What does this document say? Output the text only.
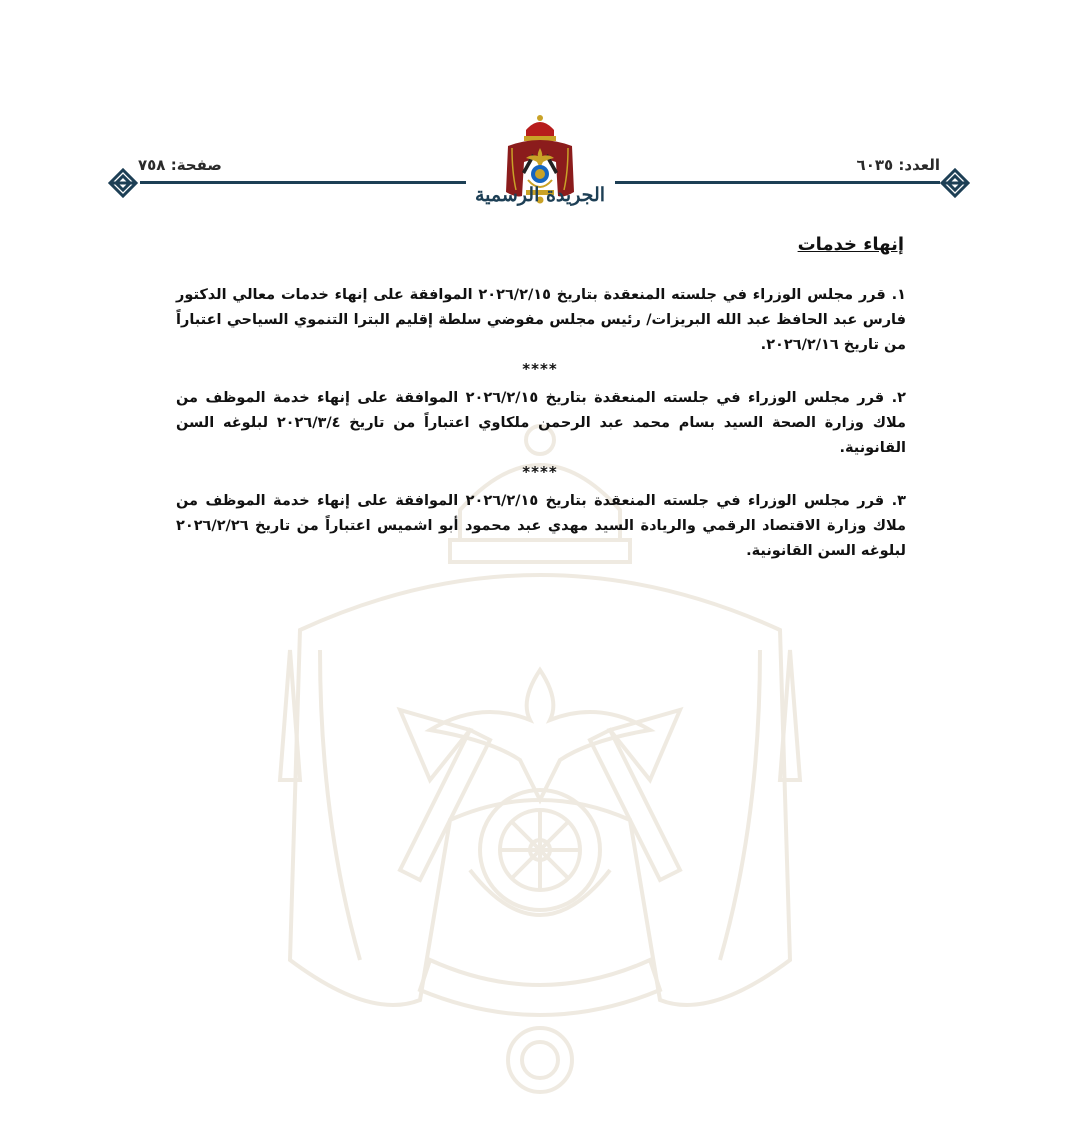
صفحة: ٧٥٨	العدد: ٦٠٣٥
الجريدة الرسمية
إنهاء خدمات
١. قرر مجلس الوزراء في جلسته المنعقدة بتاريخ ٢٠٢٦/٢/١٥ الموافقة على إنهاء خدمات معالي الدكتور فارس عبد الحافظ عبد الله البريزات/ رئيس مجلس مفوضي سلطة إقليم البترا التنموي السياحي اعتباراً من تاريخ ٢٠٢٦/٢/١٦.
****
٢. قرر مجلس الوزراء في جلسته المنعقدة بتاريخ ٢٠٢٦/٢/١٥ الموافقة على إنهاء خدمة الموظف من ملاك وزارة الصحة السيد بسام محمد عبد الرحمن ملكاوي اعتباراً من تاريخ ٢٠٢٦/٣/٤ لبلوغه السن القانونية.
****
٣. قرر مجلس الوزراء في جلسته المنعقدة بتاريخ ٢٠٢٦/٢/١٥ الموافقة على إنهاء خدمة الموظف من ملاك وزارة الاقتصاد الرقمي والريادة السيد مهدي عبد محمود أبو اشميس اعتباراً من تاريخ ٢٠٢٦/٢/٢٦ لبلوغه السن القانونية.
